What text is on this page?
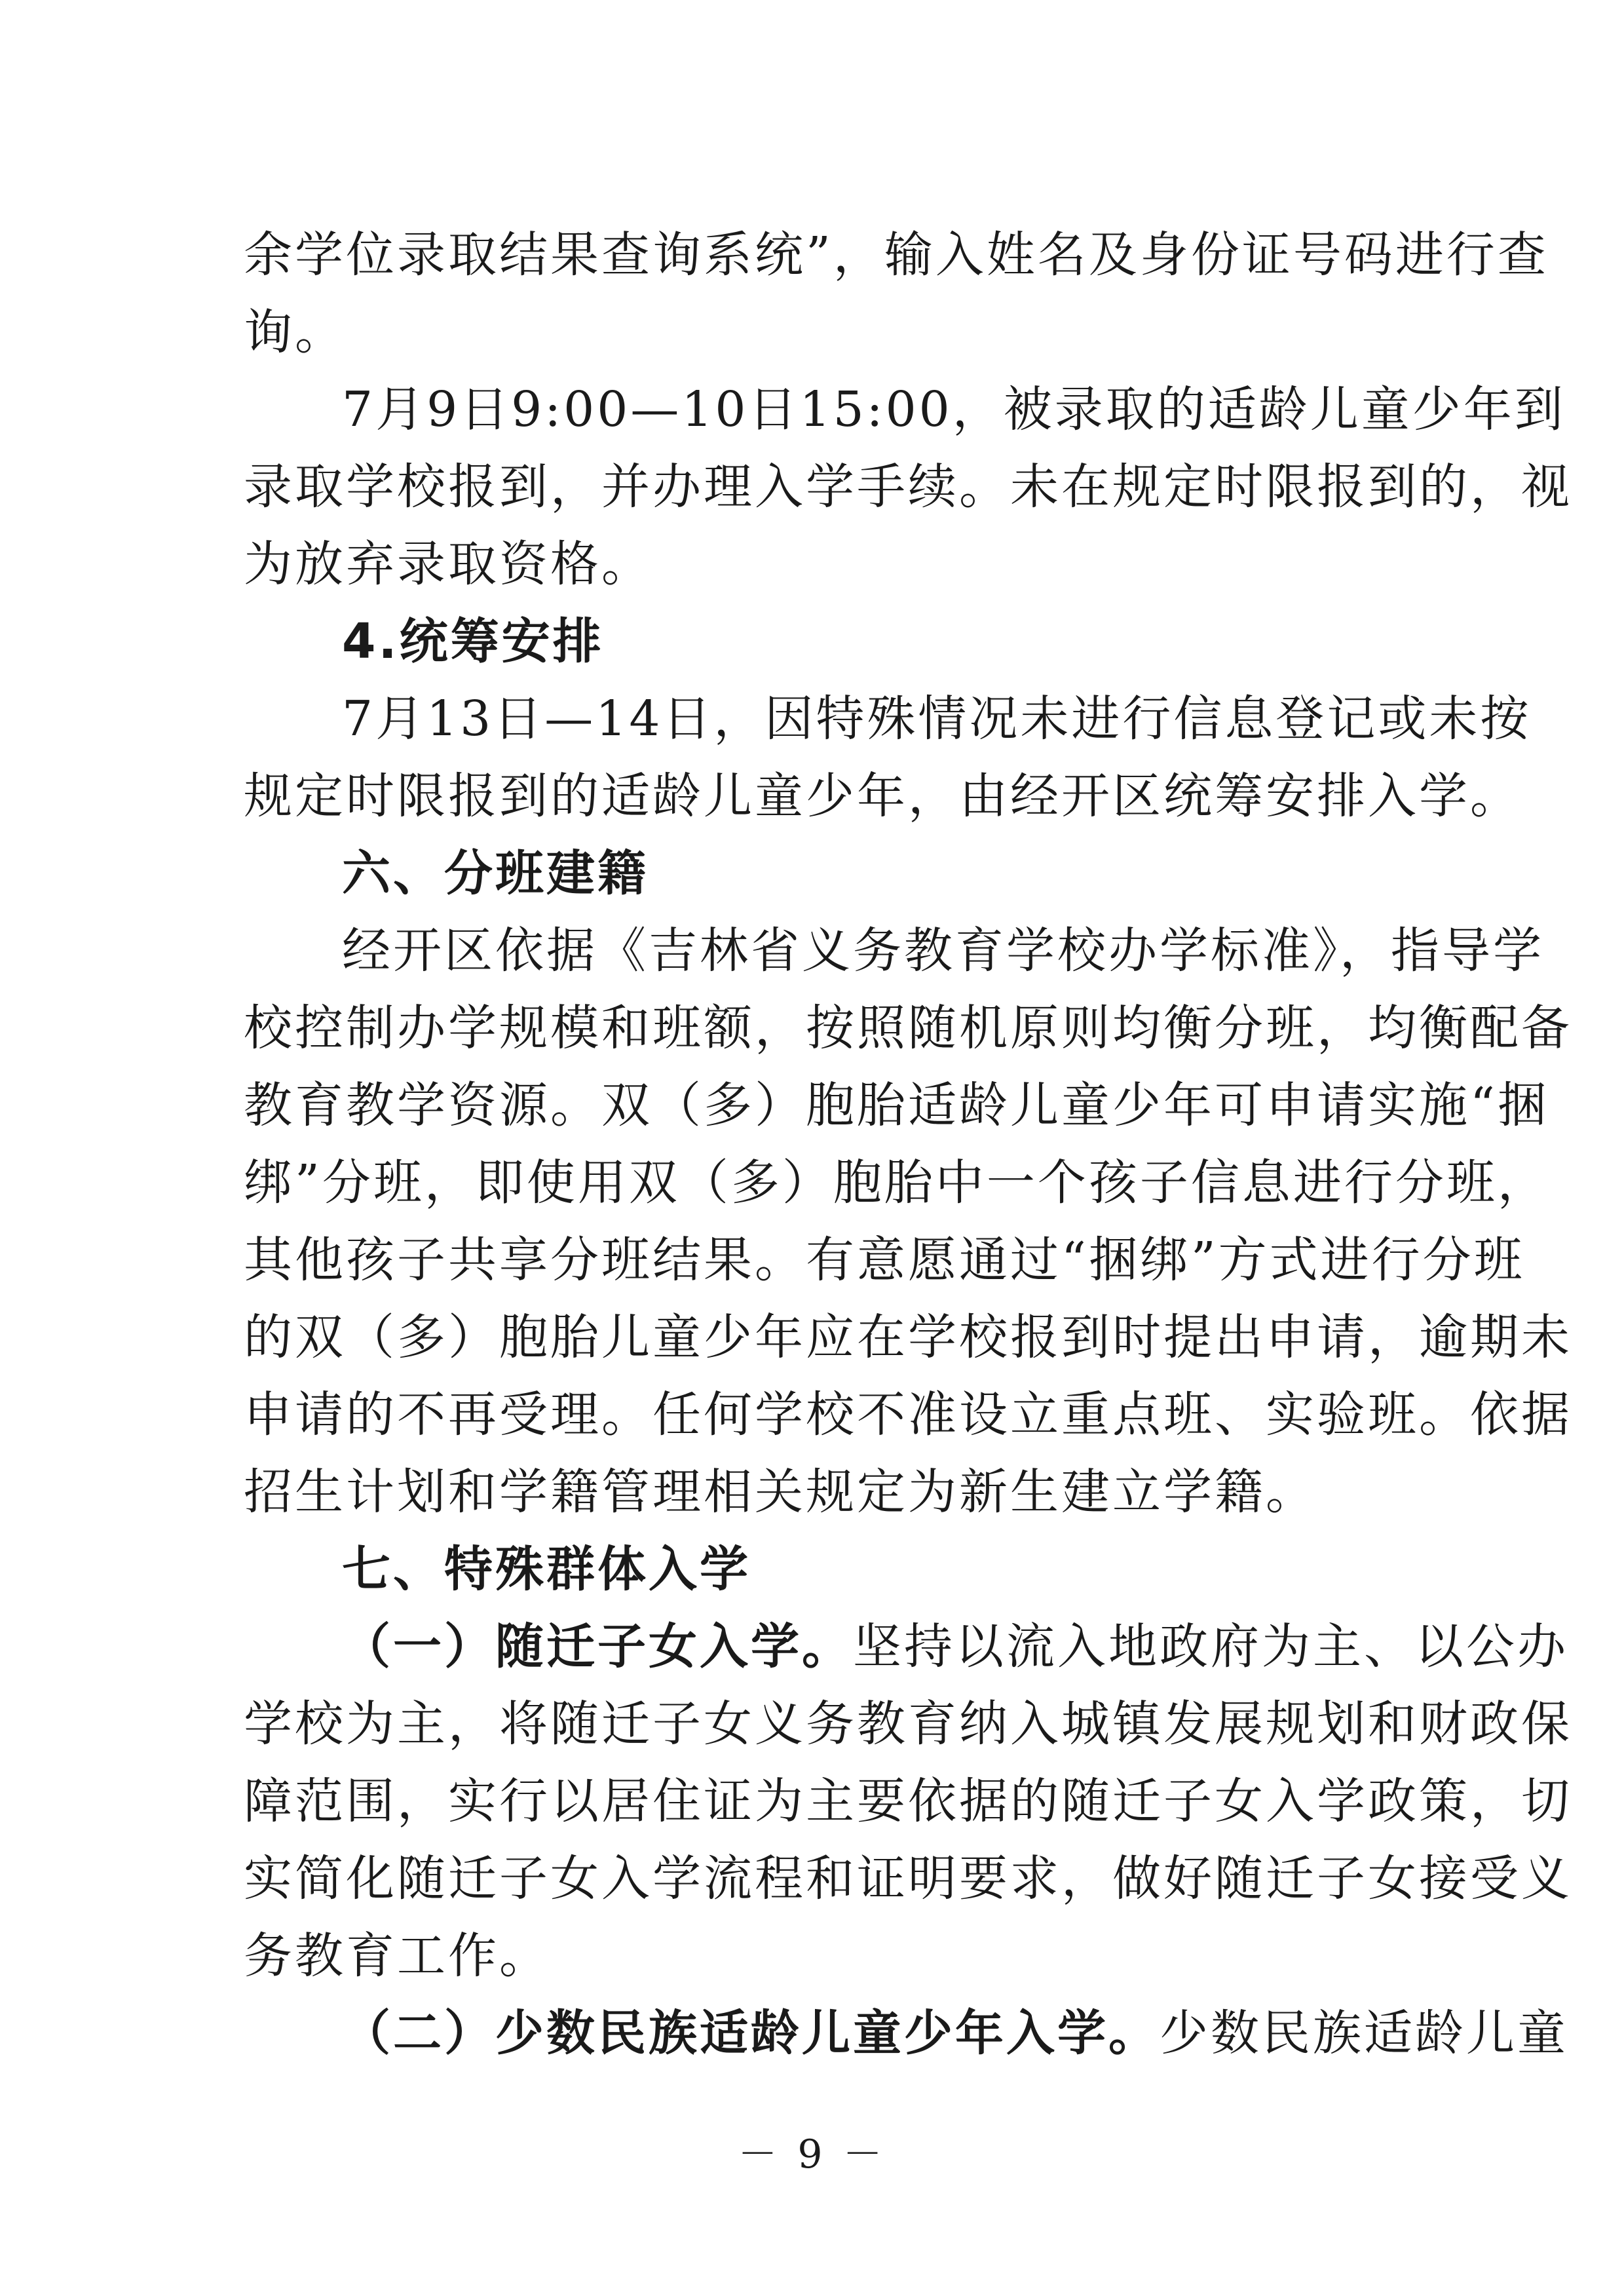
余学位录取结果查询系统”，输入姓名及身份证号码进行查
询。
7月9日9:00—10日15:00，被录取的适龄儿童少年到
录取学校报到，并办理入学手续。未在规定时限报到的，视
为放弃录取资格。
4.统筹安排
7月13日—14日，因特殊情况未进行信息登记或未按
规定时限报到的适龄儿童少年，由经开区统筹安排入学。
六、分班建籍
经开区依据《吉林省义务教育学校办学标准》，指导学
校控制办学规模和班额，按照随机原则均衡分班，均衡配备
教育教学资源。双（多）胞胎适龄儿童少年可申请实施“捆
绑”分班，即使用双（多）胞胎中一个孩子信息进行分班，
其他孩子共享分班结果。有意愿通过“捆绑”方式进行分班
的双（多）胞胎儿童少年应在学校报到时提出申请，逾期未
申请的不再受理。任何学校不准设立重点班、实验班。依据
招生计划和学籍管理相关规定为新生建立学籍。
七、特殊群体入学
（一）随迁子女入学。坚持以流入地政府为主、以公办
学校为主，将随迁子女义务教育纳入城镇发展规划和财政保
障范围，实行以居住证为主要依据的随迁子女入学政策，切
实简化随迁子女入学流程和证明要求，做好随迁子女接受义
务教育工作。
（二）少数民族适龄儿童少年入学。少数民族适龄儿童
－ 9 －
